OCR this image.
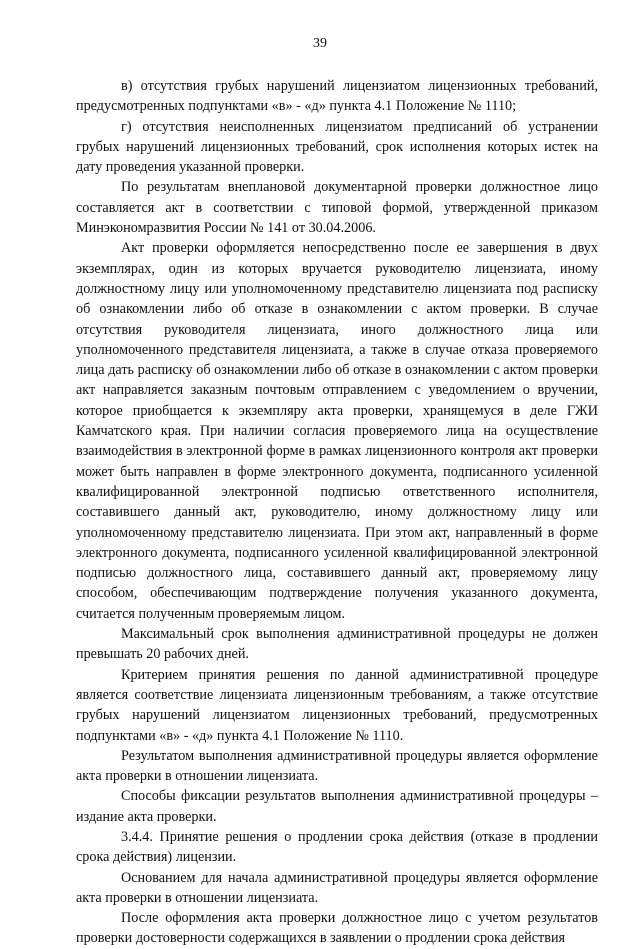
39

в) отсутствия грубых нарушений лицензиатом лицензионных требований, предусмотренных подпунктами «в» - «д» пункта 4.1 Положение № 1110;

г) отсутствия неисполненных лицензиатом предписаний об устранении грубых нарушений лицензионных требований, срок исполнения которых истек на дату проведения указанной проверки.

По результатам внеплановой документарной проверки должностное лицо составляется акт в соответствии с типовой формой, утвержденной приказом Минэкономразвития России № 141 от 30.04.2006.

Акт проверки оформляется непосредственно после ее завершения в двух экземплярах, один из которых вручается руководителю лицензиата, иному должностному лицу или уполномоченному представителю лицензиата под расписку об ознакомлении либо об отказе в ознакомлении с актом проверки. В случае отсутствия руководителя лицензиата, иного должностного лица или уполномоченного представителя лицензиата, а также в случае отказа проверяемого лица дать расписку об ознакомлении либо об отказе в ознакомлении с актом проверки акт направляется заказным почтовым отправлением с уведомлением о вручении, которое приобщается к экземпляру акта проверки, хранящемуся в деле ГЖИ Камчатского края. При наличии согласия проверяемого лица на осуществление взаимодействия в электронной форме в рамках лицензионного контроля акт проверки может быть направлен в форме электронного документа, подписанного усиленной квалифицированной электронной подписью ответственного исполнителя, составившего данный акт, руководителю, иному должностному лицу или уполномоченному представителю лицензиата. При этом акт, направленный в форме электронного документа, подписанного усиленной квалифицированной электронной подписью должностного лица, составившего данный акт, проверяемому лицу способом, обеспечивающим подтверждение получения указанного документа, считается полученным проверяемым лицом.

Максимальный срок выполнения административной процедуры не должен превышать 20 рабочих дней.

Критерием принятия решения по данной административной процедуре является соответствие лицензиата лицензионным требованиям, а также отсутствие грубых нарушений лицензиатом лицензионных требований, предусмотренных подпунктами «в» - «д» пункта 4.1 Положение № 1110.

Результатом выполнения административной процедуры является оформление акта проверки в отношении лицензиата.

Способы фиксации результатов выполнения административной процедуры – издание акта проверки.

3.4.4. Принятие решения о продлении срока действия (отказе в продлении срока действия) лицензии.

Основанием для начала административной процедуры является оформление акта проверки в отношении лицензиата.

После оформления акта проверки должностное лицо с учетом результатов проверки достоверности содержащихся в заявлении о продлении срока действия
